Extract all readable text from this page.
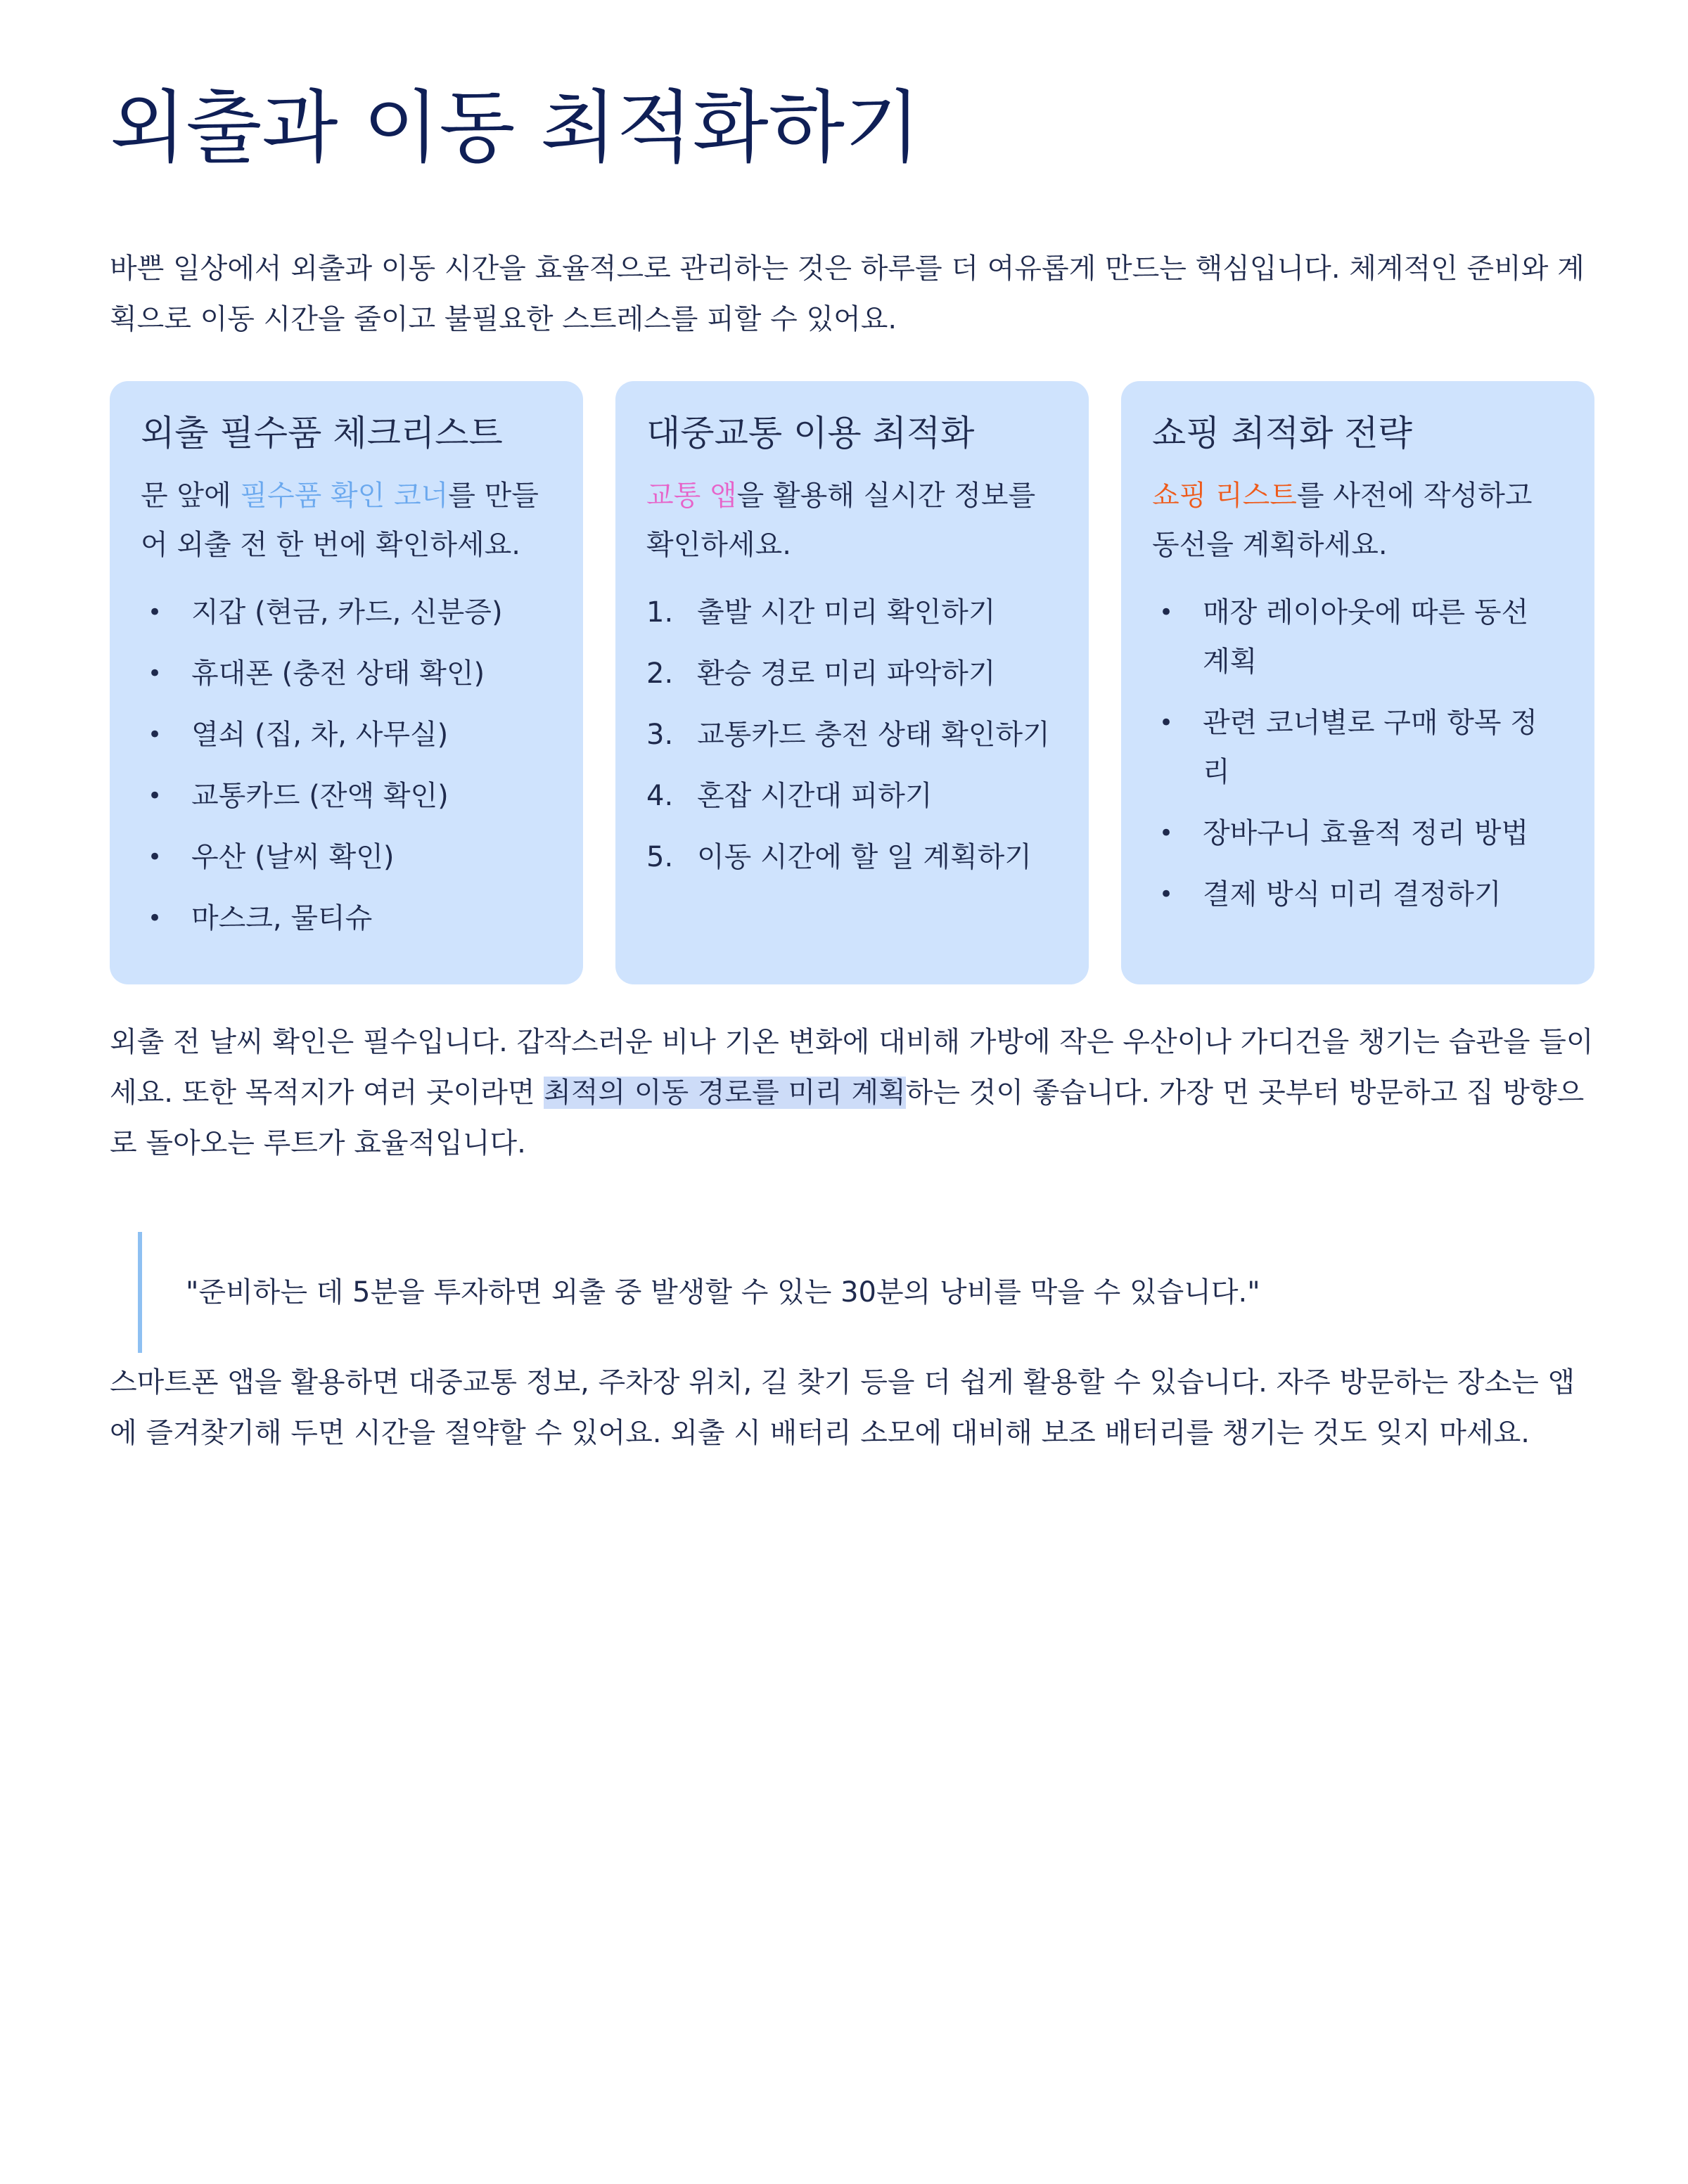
외출과 이동 최적화하기

바쁜 일상에서 외출과 이동 시간을 효율적으로 관리하는 것은 하루를 더 여유롭게 만드는 핵심입니다. 체계적인 준비와 계획으로 이동 시간을 줄이고 불필요한 스트레스를 피할 수 있어요.

외출 필수품 체크리스트

문 앞에 필수품 확인 코너를 만들어 외출 전 한 번에 확인하세요.

•	지갑 (현금, 카드, 신분증)
•	휴대폰 (충전 상태 확인)
•	열쇠 (집, 차, 사무실)
•	교통카드 (잔액 확인)
•	우산 (날씨 확인)
•	마스크, 물티슈
대중교통 이용 최적화

교통 앱을 활용해 실시간 정보를 확인하세요.

1. 출발 시간 미리 확인하기
2. 환승 경로 미리 파악하기
3. 교통카드 충전 상태 확인하기
4. 혼잡 시간대 피하기
5. 이동 시간에 할 일 계획하기
쇼핑 최적화 전략

쇼핑 리스트를 사전에 작성하고 동선을 계획하세요.

•	매장 레이아웃에 따른 동선 계획
•	관련 코너별로 구매 항목 정리
•	장바구니 효율적 정리 방법
•	결제 방식 미리 결정하기

외출 전 날씨 확인은 필수입니다. 갑작스러운 비나 기온 변화에 대비해 가방에 작은 우산이나 가디건을 챙기는 습관을 들이세요. 또한 목적지가 여러 곳이라면 최적의 이동 경로를 미리 계획하는 것이 좋습니다. 가장 먼 곳부터 방문하고 집 방향으로 돌아오는 루트가 효율적입니다.

"준비하는 데 5분을 투자하면 외출 중 발생할 수 있는 30분의 낭비를 막을 수 있습니다."

스마트폰 앱을 활용하면 대중교통 정보, 주차장 위치, 길 찾기 등을 더 쉽게 활용할 수 있습니다. 자주 방문하는 장소는 앱에 즐겨찾기해 두면 시간을 절약할 수 있어요. 외출 시 배터리 소모에 대비해 보조 배터리를 챙기는 것도 잊지 마세요.
